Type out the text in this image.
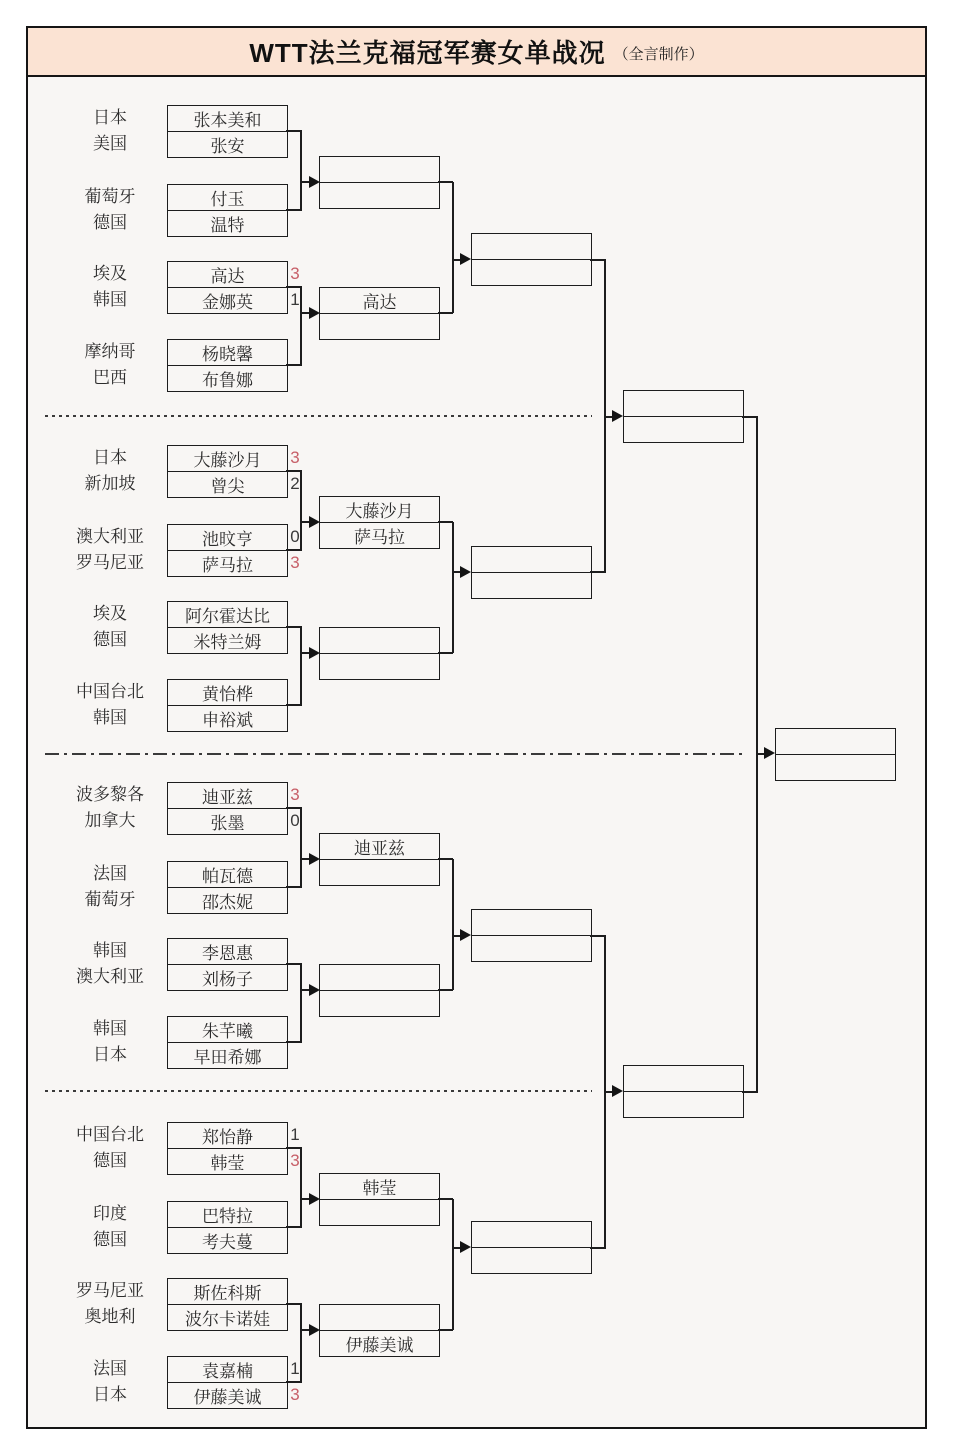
WTT法兰克福冠军赛女单战况 （全言制作）
日本
美国
葡萄牙
德国
埃及
韩国
摩纳哥
巴西
张本美和
张安
付玉
温特
高达
金娜英
杨晓馨
布鲁娜
3
1	高达
日本
新加坡
澳大利亚
罗马尼亚
埃及
德国
中国台北
韩国
大藤沙月
曾尖
池旼亨
萨马拉
阿尔霍达比
米特兰姆
黄怡桦
申裕斌
3
2
0
3
大藤沙月
萨马拉
波多黎各
加拿大
法国
葡萄牙
韩国
澳大利亚
韩国
日本
迪亚兹
张墨
帕瓦德
邵杰妮
李恩惠
刘杨子
朱芊曦
早田希娜
3
0
迪亚兹
中国台北
德国
印度
德国
罗马尼亚
奥地利
法国
日本
郑怡静
韩莹
巴特拉
考夫蔓
斯佐科斯
波尔卡诺娃
袁嘉楠
伊藤美诚
1
3
1
3
韩莹
伊藤美诚
